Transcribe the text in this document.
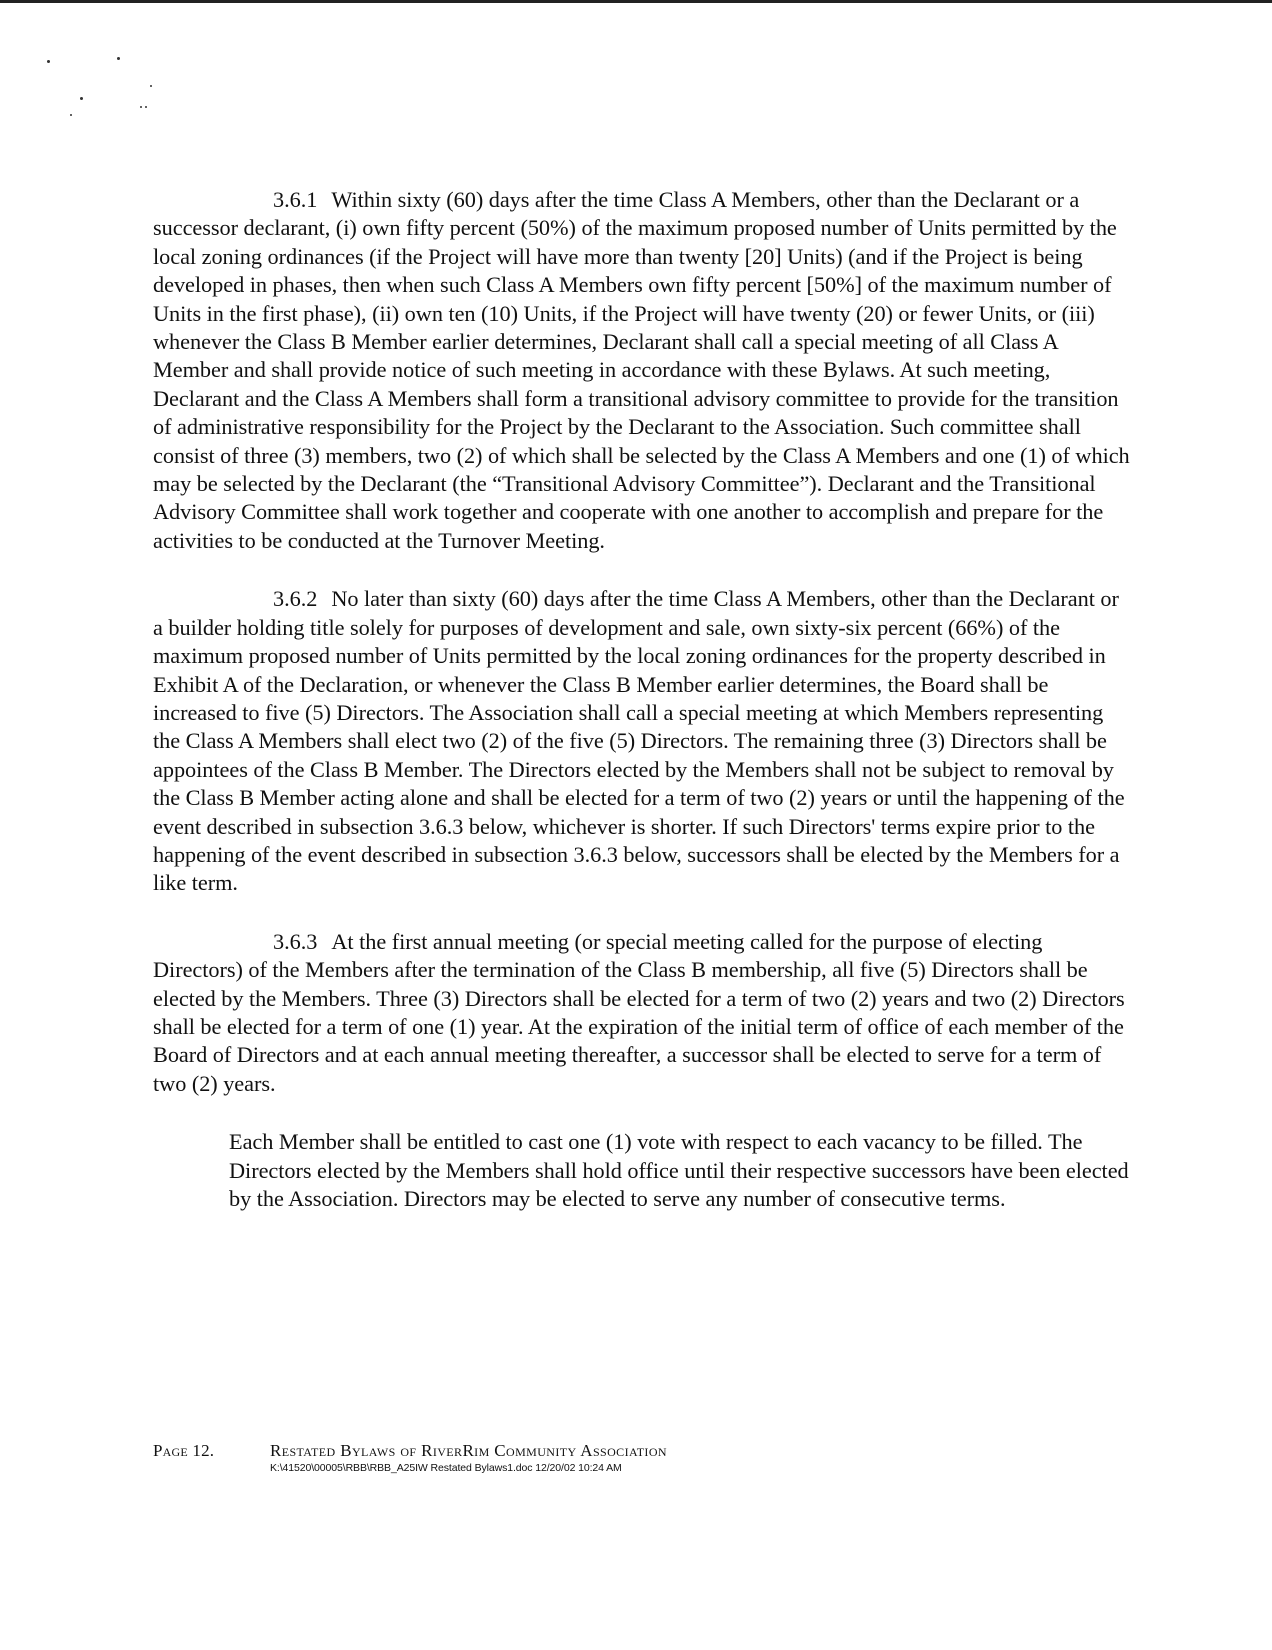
3.6.1 Within sixty (60) days after the time Class A Members, other than the Declarant or a successor declarant, (i) own fifty percent (50%) of the maximum proposed number of Units permitted by the local zoning ordinances (if the Project will have more than twenty [20] Units) (and if the Project is being developed in phases, then when such Class A Members own fifty percent [50%] of the maximum number of Units in the first phase), (ii) own ten (10) Units, if the Project will have twenty (20) or fewer Units, or (iii) whenever the Class B Member earlier determines, Declarant shall call a special meeting of all Class A Member and shall provide notice of such meeting in accordance with these Bylaws. At such meeting, Declarant and the Class A Members shall form a transitional advisory committee to provide for the transition of administrative responsibility for the Project by the Declarant to the Association. Such committee shall consist of three (3) members, two (2) of which shall be selected by the Class A Members and one (1) of which may be selected by the Declarant (the “Transitional Advisory Committee”). Declarant and the Transitional Advisory Committee shall work together and cooperate with one another to accomplish and prepare for the activities to be conducted at the Turnover Meeting.

3.6.2 No later than sixty (60) days after the time Class A Members, other than the Declarant or a builder holding title solely for purposes of development and sale, own sixty-six percent (66%) of the maximum proposed number of Units permitted by the local zoning ordinances for the property described in Exhibit A of the Declaration, or whenever the Class B Member earlier determines, the Board shall be increased to five (5) Directors. The Association shall call a special meeting at which Members representing the Class A Members shall elect two (2) of the five (5) Directors. The remaining three (3) Directors shall be appointees of the Class B Member. The Directors elected by the Members shall not be subject to removal by the Class B Member acting alone and shall be elected for a term of two (2) years or until the happening of the event described in subsection 3.6.3 below, whichever is shorter. If such Directors' terms expire prior to the happening of the event described in subsection 3.6.3 below, successors shall be elected by the Members for a like term.

3.6.3 At the first annual meeting (or special meeting called for the purpose of electing Directors) of the Members after the termination of the Class B membership, all five (5) Directors shall be elected by the Members. Three (3) Directors shall be elected for a term of two (2) years and two (2) Directors shall be elected for a term of one (1) year. At the expiration of the initial term of office of each member of the Board of Directors and at each annual meeting thereafter, a successor shall be elected to serve for a term of two (2) years.

Each Member shall be entitled to cast one (1) vote with respect to each vacancy to be filled. The Directors elected by the Members shall hold office until their respective successors have been elected by the Association. Directors may be elected to serve any number of consecutive terms.

Page 12.	Restated Bylaws of RiverRim Community Association
K:\41520\00005\RBB\RBB_A25IW Restated Bylaws1.doc 12/20/02 10:24 AM
